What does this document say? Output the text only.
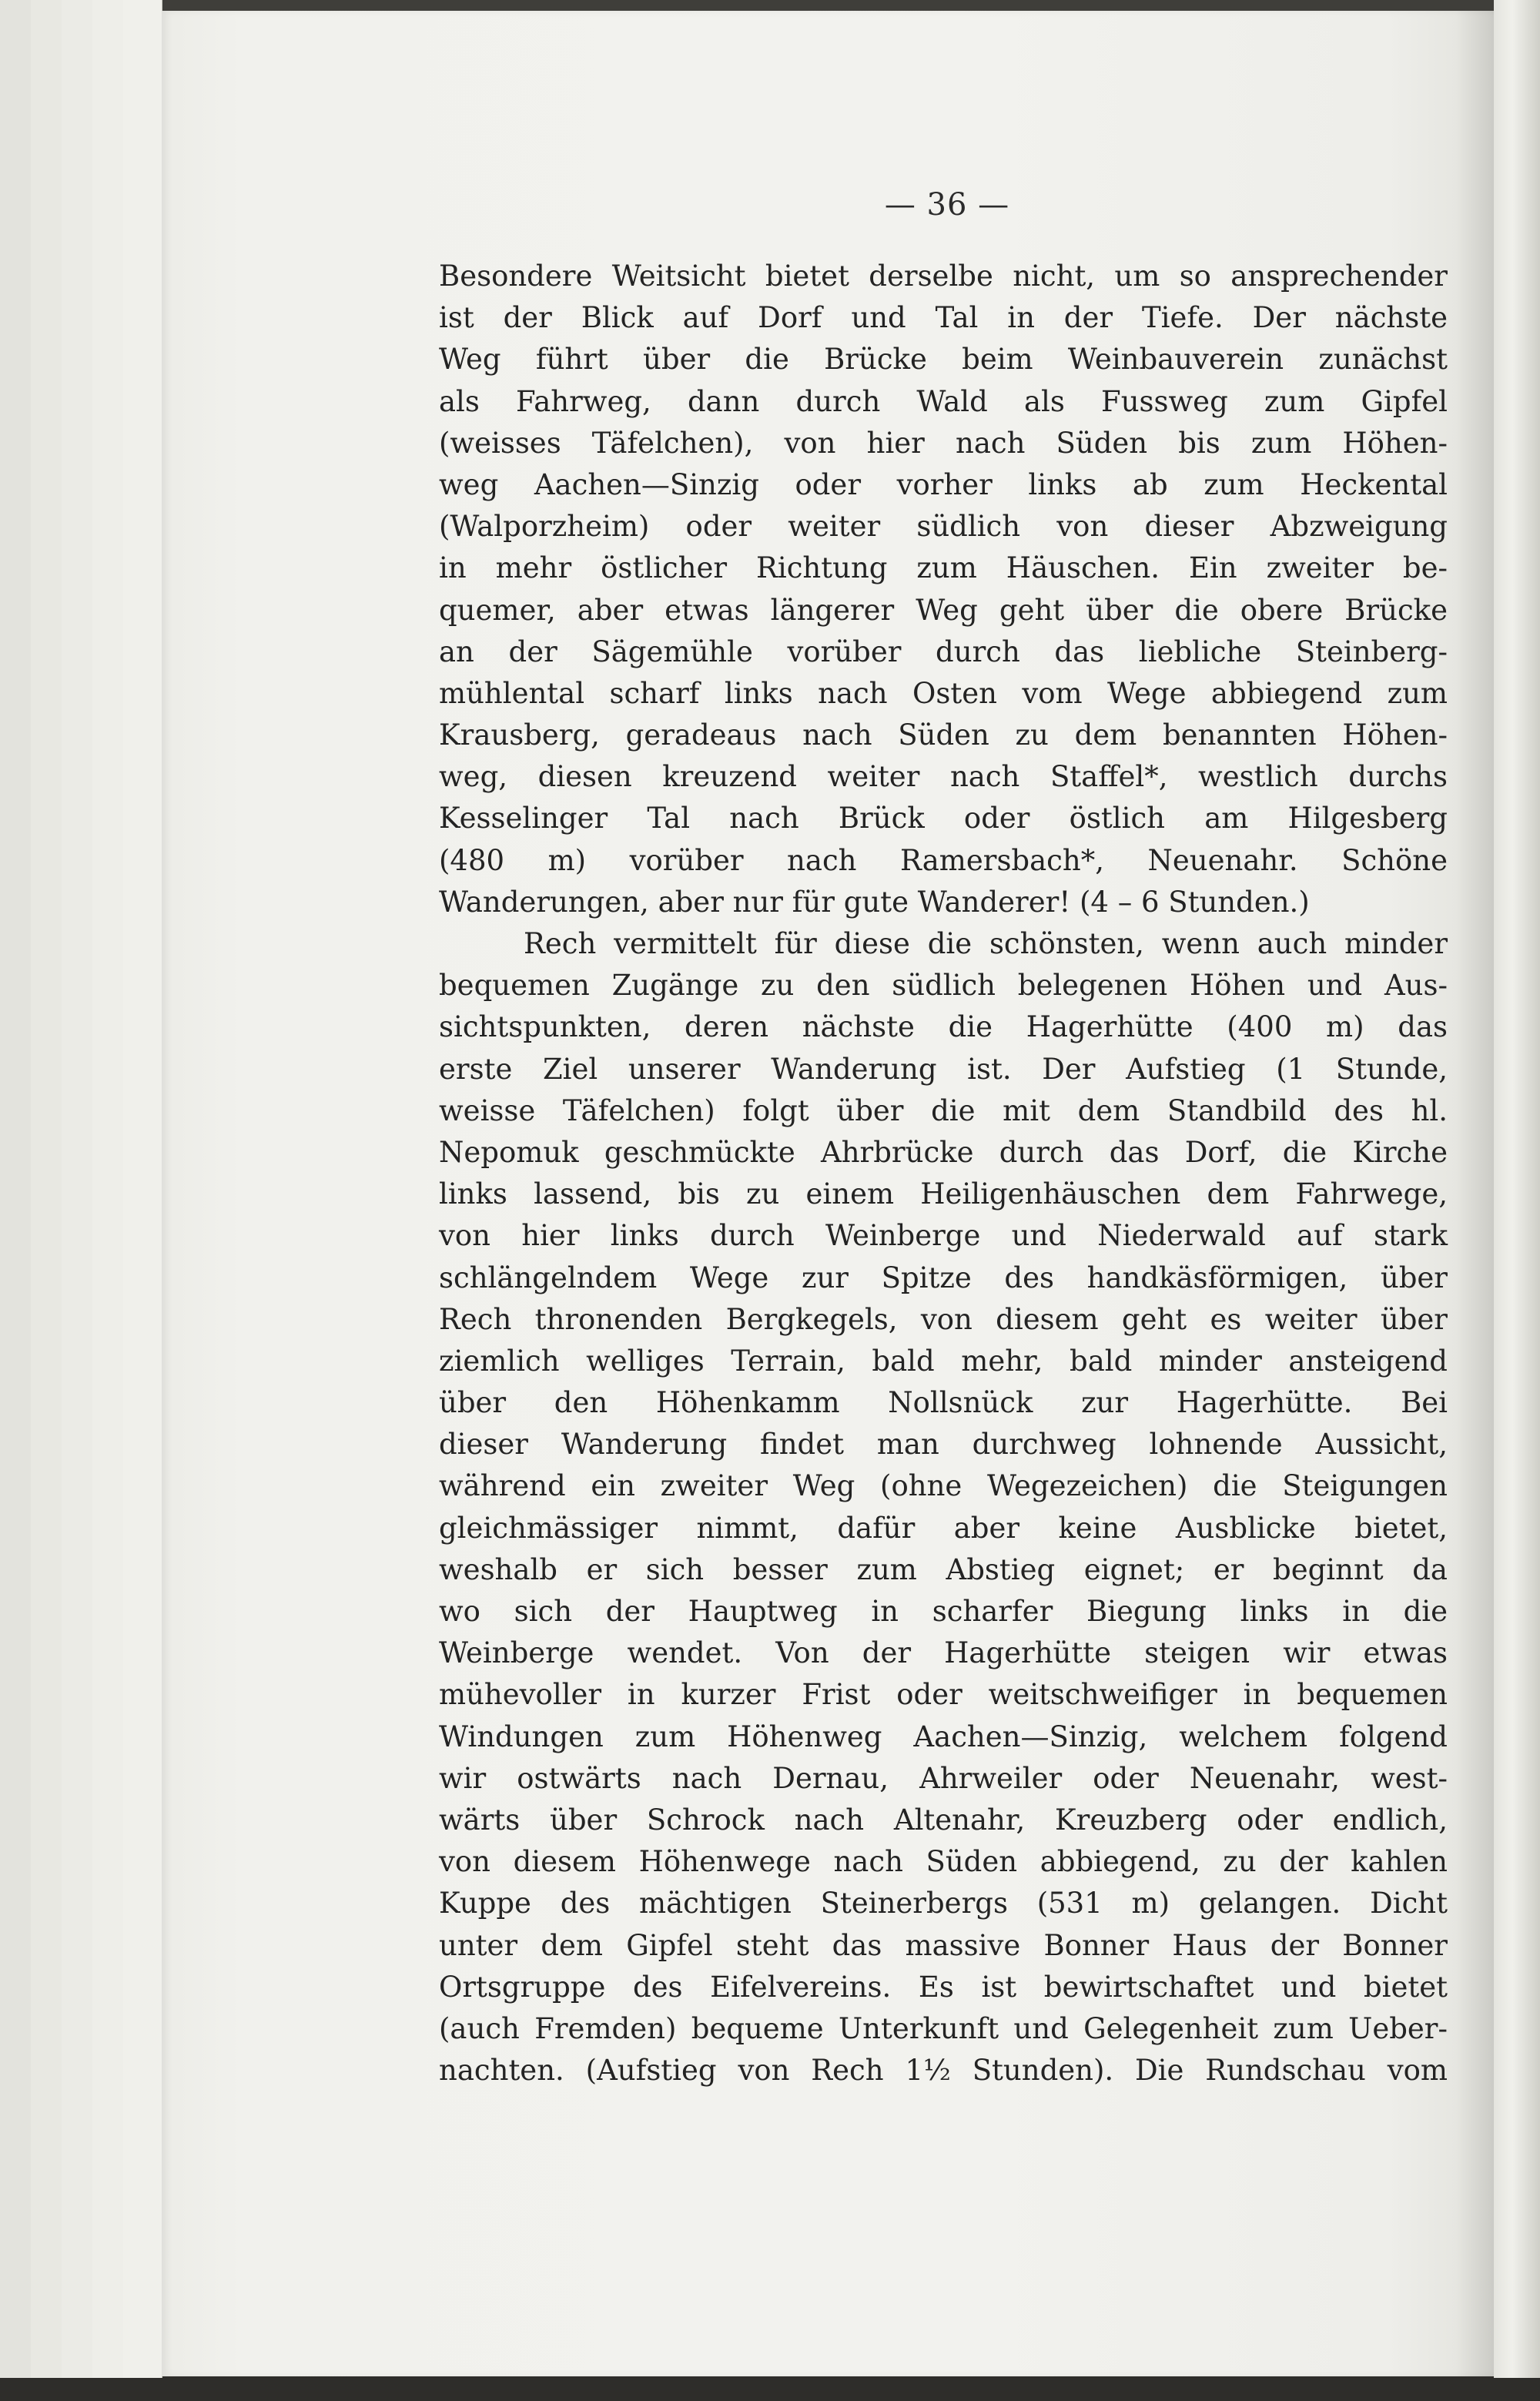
— 36 —
Besondere Weitsicht bietet derselbe nicht, um so ansprechender
ist der Blick auf Dorf und Tal in der Tiefe. Der nächste
Weg führt über die Brücke beim Weinbauverein zunächst
als Fahrweg, dann durch Wald als Fussweg zum Gipfel
(weisses Täfelchen), von hier nach Süden bis zum Höhen-
weg Aachen—Sinzig oder vorher links ab zum Heckental
(Walporzheim) oder weiter südlich von dieser Abzweigung
in mehr östlicher Richtung zum Häuschen. Ein zweiter be-
quemer, aber etwas längerer Weg geht über die obere Brücke
an der Sägemühle vorüber durch das liebliche Steinberg-
mühlental scharf links nach Osten vom Wege abbiegend zum
Krausberg, geradeaus nach Süden zu dem benannten Höhen-
weg, diesen kreuzend weiter nach Staffel*, westlich durchs
Kesselinger Tal nach Brück oder östlich am Hilgesberg
(480 m) vorüber nach Ramersbach*, Neuenahr. Schöne
Wanderungen, aber nur für gute Wanderer! (4 – 6 Stunden.)
Rech vermittelt für diese die schönsten, wenn auch minder
bequemen Zugänge zu den südlich belegenen Höhen und Aus-
sichtspunkten, deren nächste die Hagerhütte (400 m) das
erste Ziel unserer Wanderung ist. Der Aufstieg (1 Stunde,
weisse Täfelchen) folgt über die mit dem Standbild des hl.
Nepomuk geschmückte Ahrbrücke durch das Dorf, die Kirche
links lassend, bis zu einem Heiligenhäuschen dem Fahrwege,
von hier links durch Weinberge und Niederwald auf stark
schlängelndem Wege zur Spitze des handkäsförmigen, über
Rech thronenden Bergkegels, von diesem geht es weiter über
ziemlich welliges Terrain, bald mehr, bald minder ansteigend
über den Höhenkamm Nollsnück zur Hagerhütte. Bei
dieser Wanderung findet man durchweg lohnende Aussicht,
während ein zweiter Weg (ohne Wegezeichen) die Steigungen
gleichmässiger nimmt, dafür aber keine Ausblicke bietet,
weshalb er sich besser zum Abstieg eignet; er beginnt da
wo sich der Hauptweg in scharfer Biegung links in die
Weinberge wendet. Von der Hagerhütte steigen wir etwas
mühevoller in kurzer Frist oder weitschweifiger in bequemen
Windungen zum Höhenweg Aachen—Sinzig, welchem folgend
wir ostwärts nach Dernau, Ahrweiler oder Neuenahr, west-
wärts über Schrock nach Altenahr, Kreuzberg oder endlich,
von diesem Höhenwege nach Süden abbiegend, zu der kahlen
Kuppe des mächtigen Steinerbergs (531 m) gelangen. Dicht
unter dem Gipfel steht das massive Bonner Haus der Bonner
Ortsgruppe des Eifelvereins. Es ist bewirtschaftet und bietet
(auch Fremden) bequeme Unterkunft und Gelegenheit zum Ueber-
nachten. (Aufstieg von Rech 1½ Stunden). Die Rundschau vom
